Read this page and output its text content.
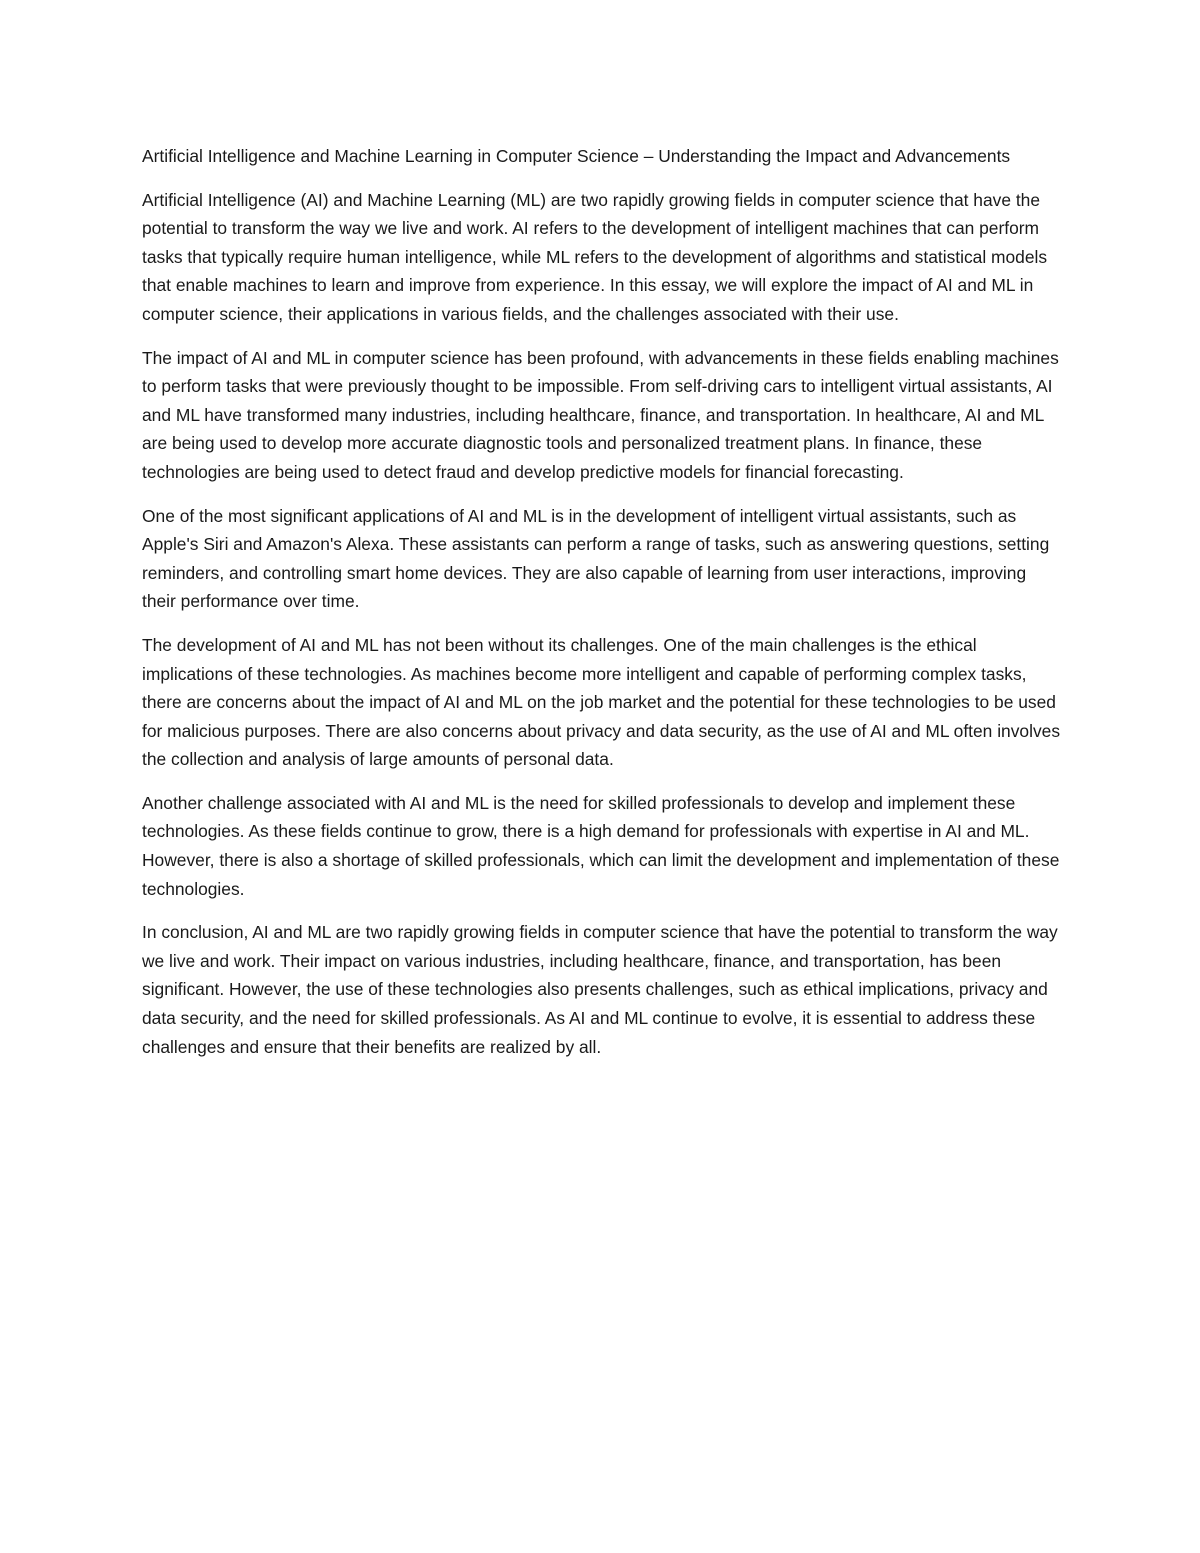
Artificial Intelligence and Machine Learning in Computer Science – Understanding the Impact and Advancements

Artificial Intelligence (AI) and Machine Learning (ML) are two rapidly growing fields in computer science that have the potential to transform the way we live and work. AI refers to the development of intelligent machines that can perform tasks that typically require human intelligence, while ML refers to the development of algorithms and statistical models that enable machines to learn and improve from experience. In this essay, we will explore the impact of AI and ML in computer science, their applications in various fields, and the challenges associated with their use.

The impact of AI and ML in computer science has been profound, with advancements in these fields enabling machines to perform tasks that were previously thought to be impossible. From self-driving cars to intelligent virtual assistants, AI and ML have transformed many industries, including healthcare, finance, and transportation. In healthcare, AI and ML are being used to develop more accurate diagnostic tools and personalized treatment plans. In finance, these technologies are being used to detect fraud and develop predictive models for financial forecasting.

One of the most significant applications of AI and ML is in the development of intelligent virtual assistants, such as Apple's Siri and Amazon's Alexa. These assistants can perform a range of tasks, such as answering questions, setting reminders, and controlling smart home devices. They are also capable of learning from user interactions, improving their performance over time.

The development of AI and ML has not been without its challenges. One of the main challenges is the ethical implications of these technologies. As machines become more intelligent and capable of performing complex tasks, there are concerns about the impact of AI and ML on the job market and the potential for these technologies to be used for malicious purposes. There are also concerns about privacy and data security, as the use of AI and ML often involves the collection and analysis of large amounts of personal data.

Another challenge associated with AI and ML is the need for skilled professionals to develop and implement these technologies. As these fields continue to grow, there is a high demand for professionals with expertise in AI and ML. However, there is also a shortage of skilled professionals, which can limit the development and implementation of these technologies.

In conclusion, AI and ML are two rapidly growing fields in computer science that have the potential to transform the way we live and work. Their impact on various industries, including healthcare, finance, and transportation, has been significant. However, the use of these technologies also presents challenges, such as ethical implications, privacy and data security, and the need for skilled professionals. As AI and ML continue to evolve, it is essential to address these challenges and ensure that their benefits are realized by all.
